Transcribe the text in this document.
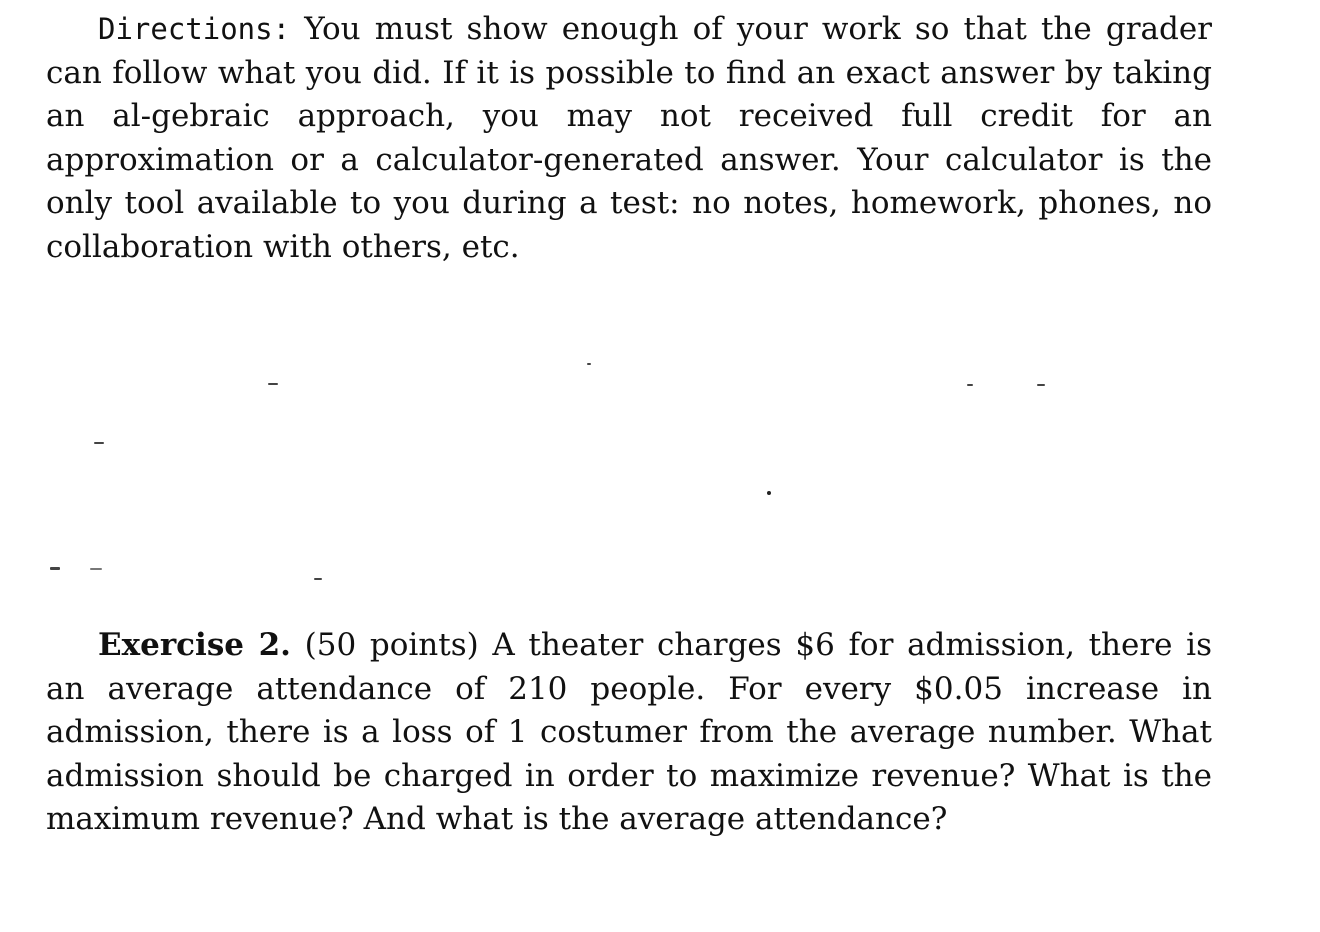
Directions: You must show enough of your work so that the grader can follow what you did. If it is possible to find an exact answer by taking an al-gebraic approach, you may not received full credit for an approximation or a calculator-generated answer. Your calculator is the only tool available to you during a test: no notes, homework, phones, no collaboration with others, etc.

Exercise 2. (50 points) A theater charges $6 for admission, there is an average attendance of 210 people. For every $0.05 increase in admission, there is a loss of 1 costumer from the average number. What admission should be charged in order to maximize revenue? What is the maximum revenue? And what is the average attendance?
